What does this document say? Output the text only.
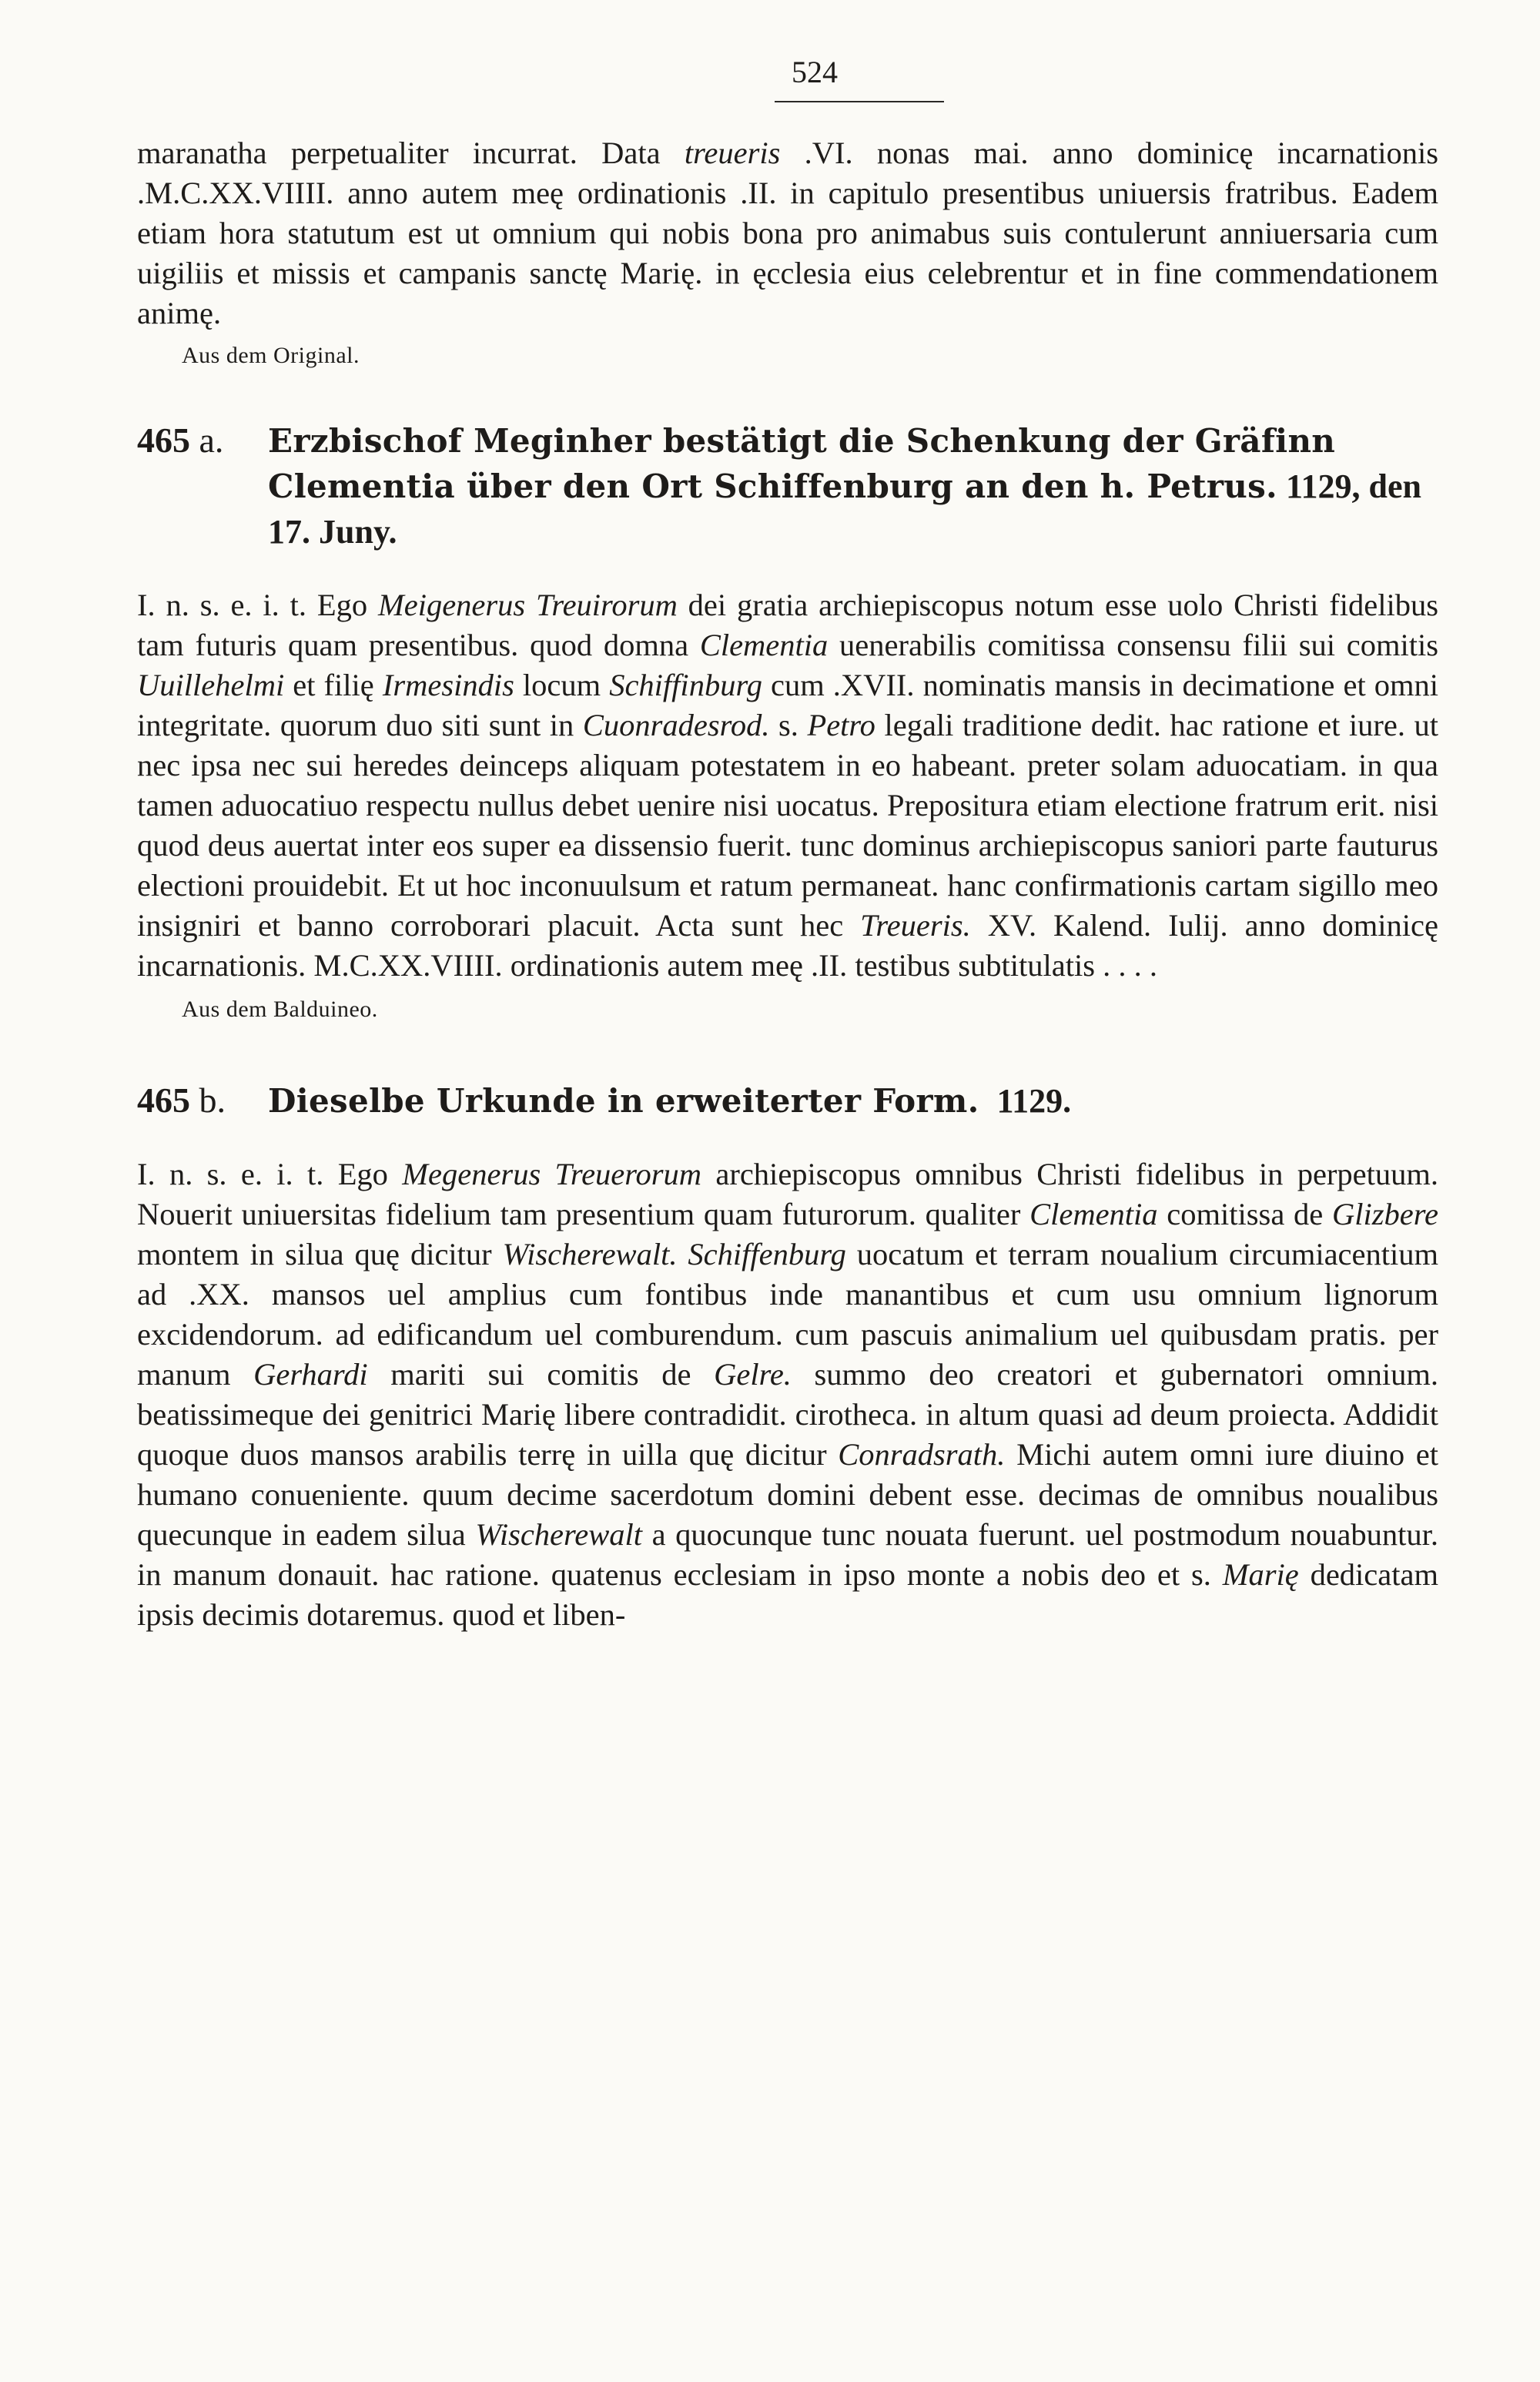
524

maranatha perpetualiter incurrat. Data treueris .VI. nonas mai. anno dominicę incarnationis .M.C.XX.VIIII. anno autem meę ordinationis .II. in capitulo presentibus uniuersis fratribus. Eadem etiam hora statutum est ut omnium qui nobis bona pro animabus suis contulerunt anniuersaria cum uigiliis et missis et campanis sanctę Marię. in ęcclesia eius celebrentur et in fine commendationem animę.

Aus dem Original.
465 a. Erzbischof Meginher bestätigt die Schenkung der Gräfinn Clementia über den Ort Schiffenburg an den h. Petrus. 1129, den 17. Juny.

I. n. s. e. i. t. Ego Meigenerus Treuirorum dei gratia archiepiscopus notum esse uolo Christi fidelibus tam futuris quam presentibus. quod domna Clementia uenerabilis comitissa consensu filii sui comitis Uuillehelmi et filię Irmesindis locum Schiffinburg cum .XVII. nominatis mansis in decimatione et omni integritate. quorum duo siti sunt in Cuonradesrod. s. Petro legali traditione dedit. hac ratione et iure. ut nec ipsa nec sui heredes deinceps aliquam potestatem in eo habeant. preter solam aduocatiam. in qua tamen aduocatiuo respectu nullus debet uenire nisi uocatus. Prepositura etiam electione fratrum erit. nisi quod deus auertat inter eos super ea dissensio fuerit. tunc dominus archiepiscopus saniori parte fauturus electioni prouidebit. Et ut hoc inconuulsum et ratum permaneat. hanc confirmationis cartam sigillo meo insigniri et banno corroborari placuit. Acta sunt hec Treueris. XV. Kalend. Iulij. anno dominicę incarnationis. M.C.XX.VIIII. ordinationis autem meę .II. testibus subtitulatis . . . .

Aus dem Balduineo.
465 b. Dieselbe Urkunde in erweiterter Form. 1129.

I. n. s. e. i. t. Ego Megenerus Treuerorum archiepiscopus omnibus Christi fidelibus in perpetuum. Nouerit uniuersitas fidelium tam presentium quam futurorum. qualiter Clementia comitissa de Glizbere montem in silua quę dicitur Wischerewalt. Schiffenburg uocatum et terram noualium circumiacentium ad .XX. mansos uel amplius cum fontibus inde manantibus et cum usu omnium lignorum excidendorum. ad edificandum uel comburendum. cum pascuis animalium uel quibusdam pratis. per manum Gerhardi mariti sui comitis de Gelre. summo deo creatori et gubernatori omnium. beatissimeque dei genitrici Marię libere contradidit. cirotheca. in altum quasi ad deum proiecta. Addidit quoque duos mansos arabilis terrę in uilla quę dicitur Conradsrath. Michi autem omni iure diuino et humano conueniente. quum decime sacerdotum domini debent esse. decimas de omnibus noualibus quecunque in eadem silua Wischerewalt a quocunque tunc nouata fuerunt. uel postmodum nouabuntur. in manum donauit. hac ratione. quatenus ecclesiam in ipso monte a nobis deo et s. Marię dedicatam ipsis decimis dotaremus. quod et liben-
